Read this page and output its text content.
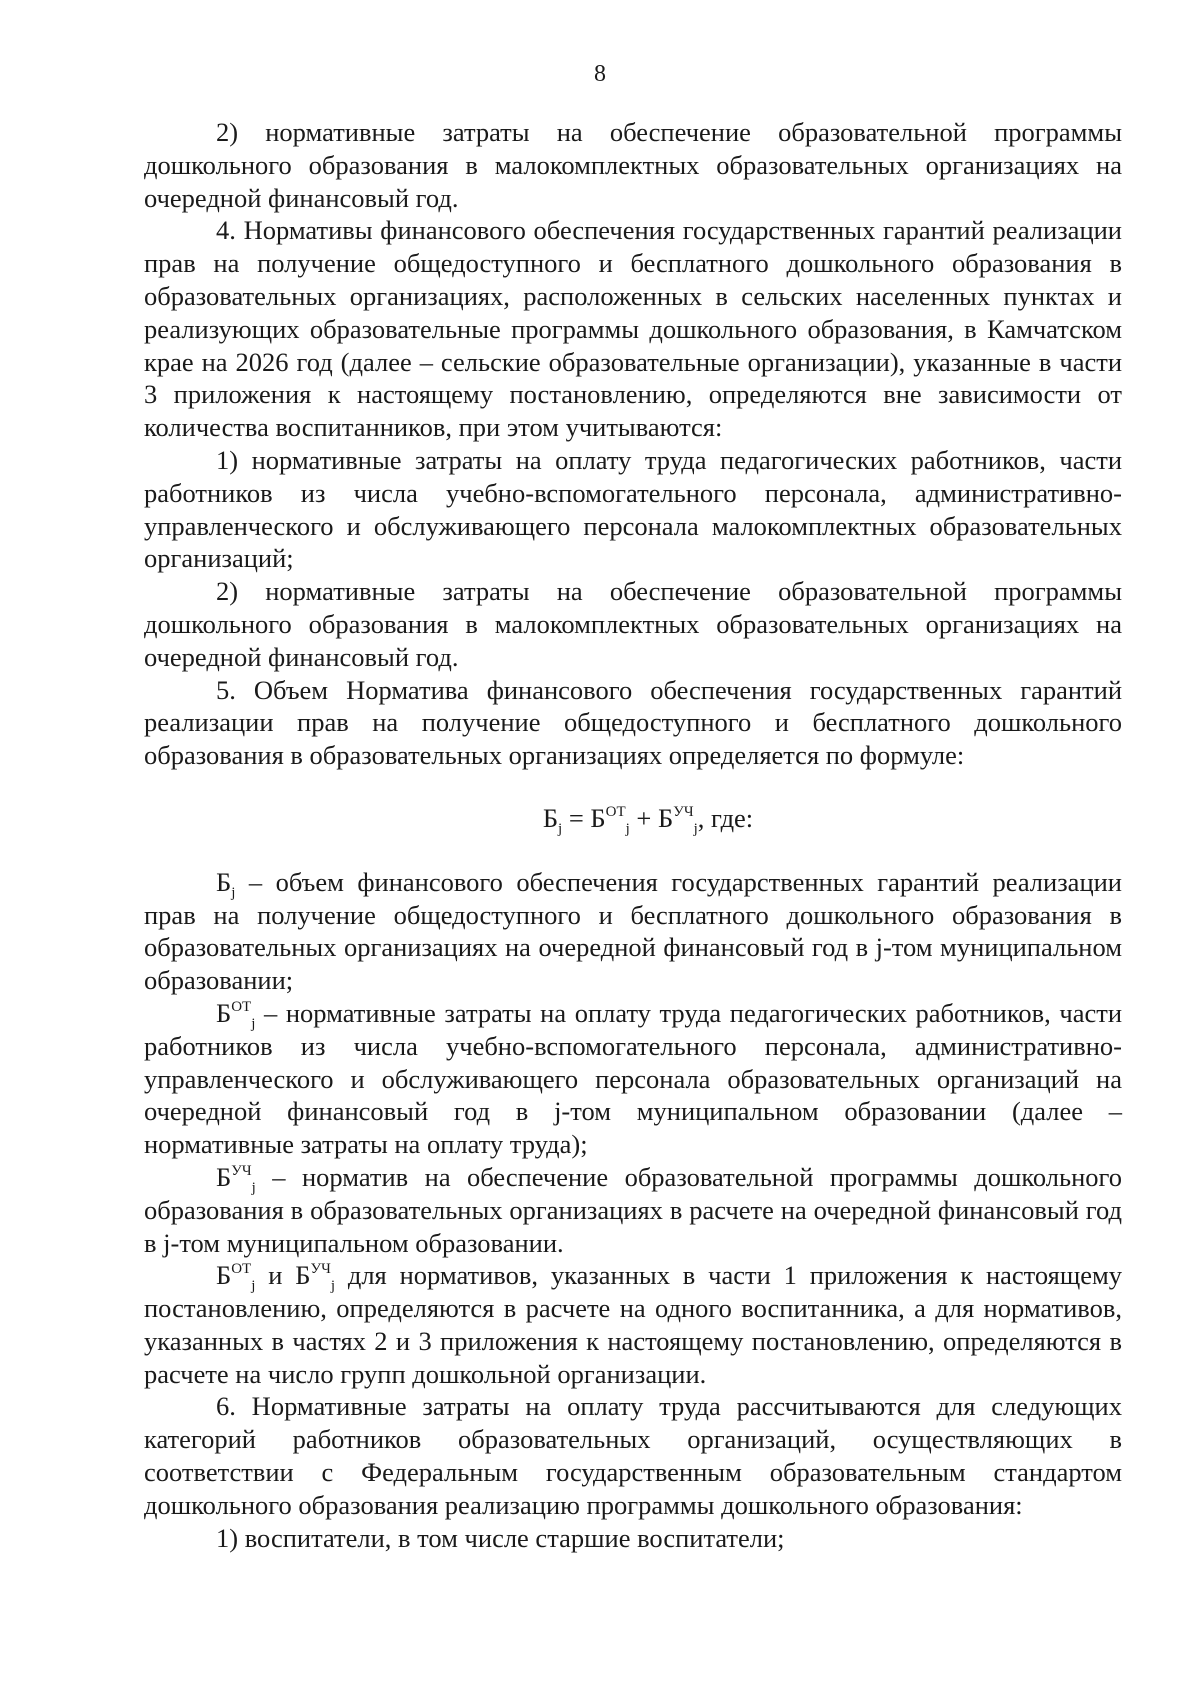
8

2) нормативные затраты на обеспечение образовательной программы дошкольного образования в малокомплектных образовательных организациях на очередной финансовый год.

4. Нормативы финансового обеспечения государственных гарантий реализации прав на получение общедоступного и бесплатного дошкольного образования в образовательных организациях, расположенных в сельских населенных пунктах и реализующих образовательные программы дошкольного образования, в Камчатском крае на 2026 год (далее – сельские образовательные организации), указанные в части 3 приложения к настоящему постановлению, определяются вне зависимости от количества воспитанников, при этом учитываются:

1) нормативные затраты на оплату труда педагогических работников, части работников из числа учебно-вспомогательного персонала, административно-управленческого и обслуживающего персонала малокомплектных образовательных организаций;

2) нормативные затраты на обеспечение образовательной программы дошкольного образования в малокомплектных образовательных организациях на очередной финансовый год.

5. Объем Норматива финансового обеспечения государственных гарантий реализации прав на получение общедоступного и бесплатного дошкольного образования в образовательных организациях определяется по формуле:

$Б_j = Б^{ОТ}_j + Б^{УЧ}_j$, где:

$Б_j$ – объем финансового обеспечения государственных гарантий реализации прав на получение общедоступного и бесплатного дошкольного образования в образовательных организациях на очередной финансовый год в j-том муниципальном образовании;

$Б^{ОТ}_j$ – нормативные затраты на оплату труда педагогических работников, части работников из числа учебно-вспомогательного персонала, административно-управленческого и обслуживающего персонала образовательных организаций на очередной финансовый год в j-том муниципальном образовании (далее – нормативные затраты на оплату труда);

$Б^{УЧ}_j$ – норматив на обеспечение образовательной программы дошкольного образования в образовательных организациях в расчете на очередной финансовый год в j-том муниципальном образовании.

$Б^{ОТ}_j$ и $Б^{УЧ}_j$ для нормативов, указанных в части 1 приложения к настоящему постановлению, определяются в расчете на одного воспитанника, а для нормативов, указанных в частях 2 и 3 приложения к настоящему постановлению, определяются в расчете на число групп дошкольной организации.

6. Нормативные затраты на оплату труда рассчитываются для следующих категорий работников образовательных организаций, осуществляющих в соответствии с Федеральным государственным образовательным стандартом дошкольного образования реализацию программы дошкольного образования:

1) воспитатели, в том числе старшие воспитатели;
